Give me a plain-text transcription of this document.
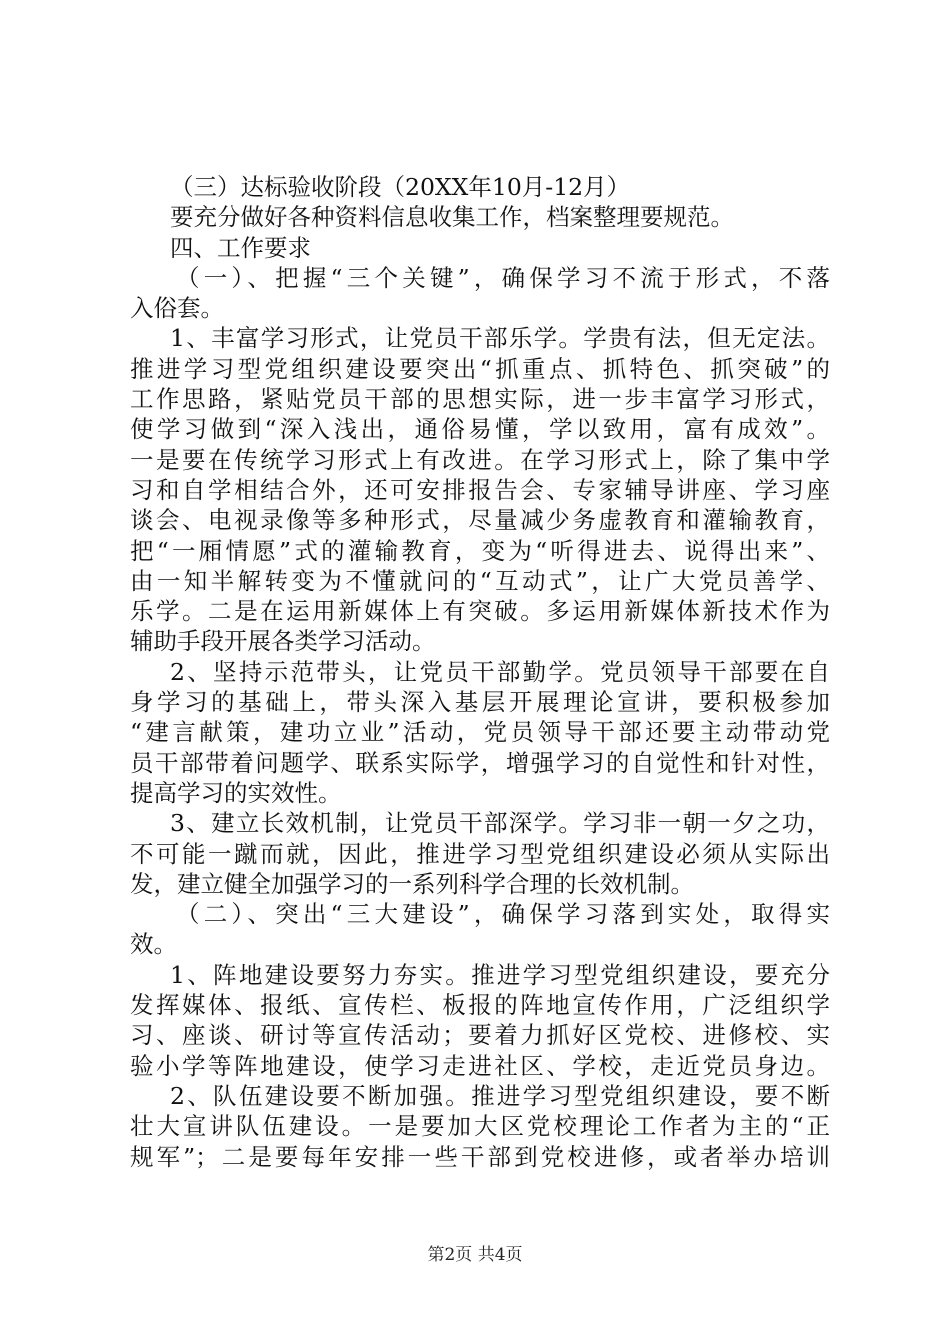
（三）达标验收阶段（20XX年10月-12月）
要充分做好各种资料信息收集工作，档案整理要规范。
四、工作要求
（一）、把握“三个关键”，确保学习不流于形式，不落
入俗套。
1、丰富学习形式，让党员干部乐学。学贵有法，但无定法。
推进学习型党组织建设要突出“抓重点、抓特色、抓突破”的
工作思路，紧贴党员干部的思想实际，进一步丰富学习形式，
使学习做到“深入浅出，通俗易懂，学以致用，富有成效”。
一是要在传统学习形式上有改进。在学习形式上，除了集中学
习和自学相结合外，还可安排报告会、专家辅导讲座、学习座
谈会、电视录像等多种形式，尽量减少务虚教育和灌输教育，
把“一厢情愿”式的灌输教育，变为“听得进去、说得出来”、
由一知半解转变为不懂就问的“互动式”，让广大党员善学、
乐学。二是在运用新媒体上有突破。多运用新媒体新技术作为
辅助手段开展各类学习活动。
2、坚持示范带头，让党员干部勤学。党员领导干部要在自
身学习的基础上，带头深入基层开展理论宣讲，要积极参加
“建言献策，建功立业”活动，党员领导干部还要主动带动党
员干部带着问题学、联系实际学，增强学习的自觉性和针对性，
提高学习的实效性。
3、建立长效机制，让党员干部深学。学习非一朝一夕之功，
不可能一蹴而就，因此，推进学习型党组织建设必须从实际出
发，建立健全加强学习的一系列科学合理的长效机制。
（二）、突出“三大建设”，确保学习落到实处，取得实
效。
1、阵地建设要努力夯实。推进学习型党组织建设，要充分
发挥媒体、报纸、宣传栏、板报的阵地宣传作用，广泛组织学
习、座谈、研讨等宣传活动；要着力抓好区党校、进修校、实
验小学等阵地建设，使学习走进社区、学校，走近党员身边。
2、队伍建设要不断加强。推进学习型党组织建设，要不断
壮大宣讲队伍建设。一是要加大区党校理论工作者为主的“正
规军”；二是要每年安排一些干部到党校进修，或者举办培训
第2页 共4页
